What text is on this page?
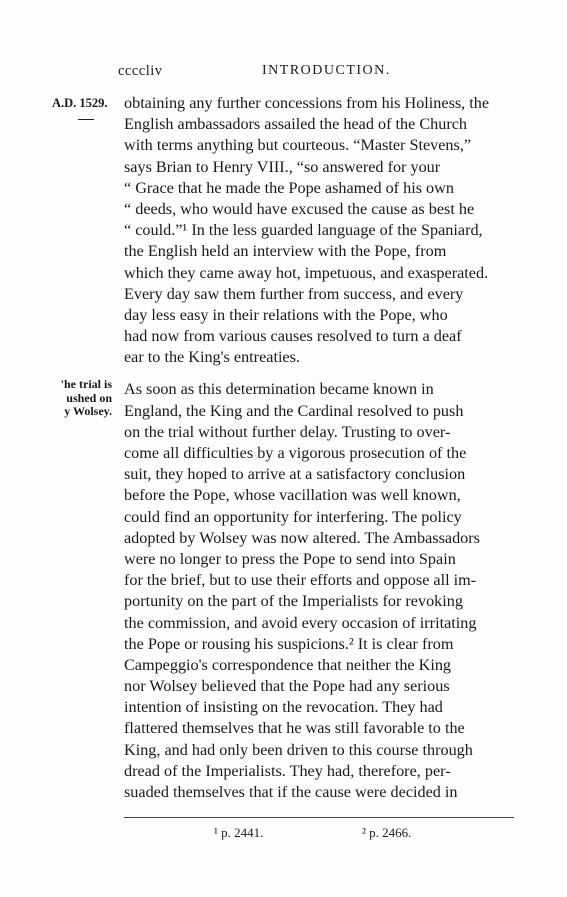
ccccliv	INTRODUCTION.
A.D. 1529.
'he trial is
ushed on
y Wolsey.
obtaining any further concessions from his Holiness, the
English ambassadors assailed the head of the Church
with terms anything but courteous. “Master Stevens,”
says Brian to Henry VIII., “so answered for your
“ Grace that he made the Pope ashamed of his own
“ deeds, who would have excused the cause as best he
“ could.”¹ In the less guarded language of the Spaniard,
the English held an interview with the Pope, from
which they came away hot, impetuous, and exasperated.
Every day saw them further from success, and every
day less easy in their relations with the Pope, who
had now from various causes resolved to turn a deaf
ear to the King's entreaties.
As soon as this determination became known in
England, the King and the Cardinal resolved to push
on the trial without further delay. Trusting to over-
come all difficulties by a vigorous prosecution of the
suit, they hoped to arrive at a satisfactory conclusion
before the Pope, whose vacillation was well known,
could find an opportunity for interfering. The policy
adopted by Wolsey was now altered. The Ambassadors
were no longer to press the Pope to send into Spain
for the brief, but to use their efforts and oppose all im-
portunity on the part of the Imperialists for revoking
the commission, and avoid every occasion of irritating
the Pope or rousing his suspicions.² It is clear from
Campeggio's correspondence that neither the King
nor Wolsey believed that the Pope had any serious
intention of insisting on the revocation. They had
flattered themselves that he was still favorable to the
King, and had only been driven to this course through
dread of the Imperialists. They had, therefore, per-
suaded themselves that if the cause were decided in
¹ p. 2441.	² p. 2466.
